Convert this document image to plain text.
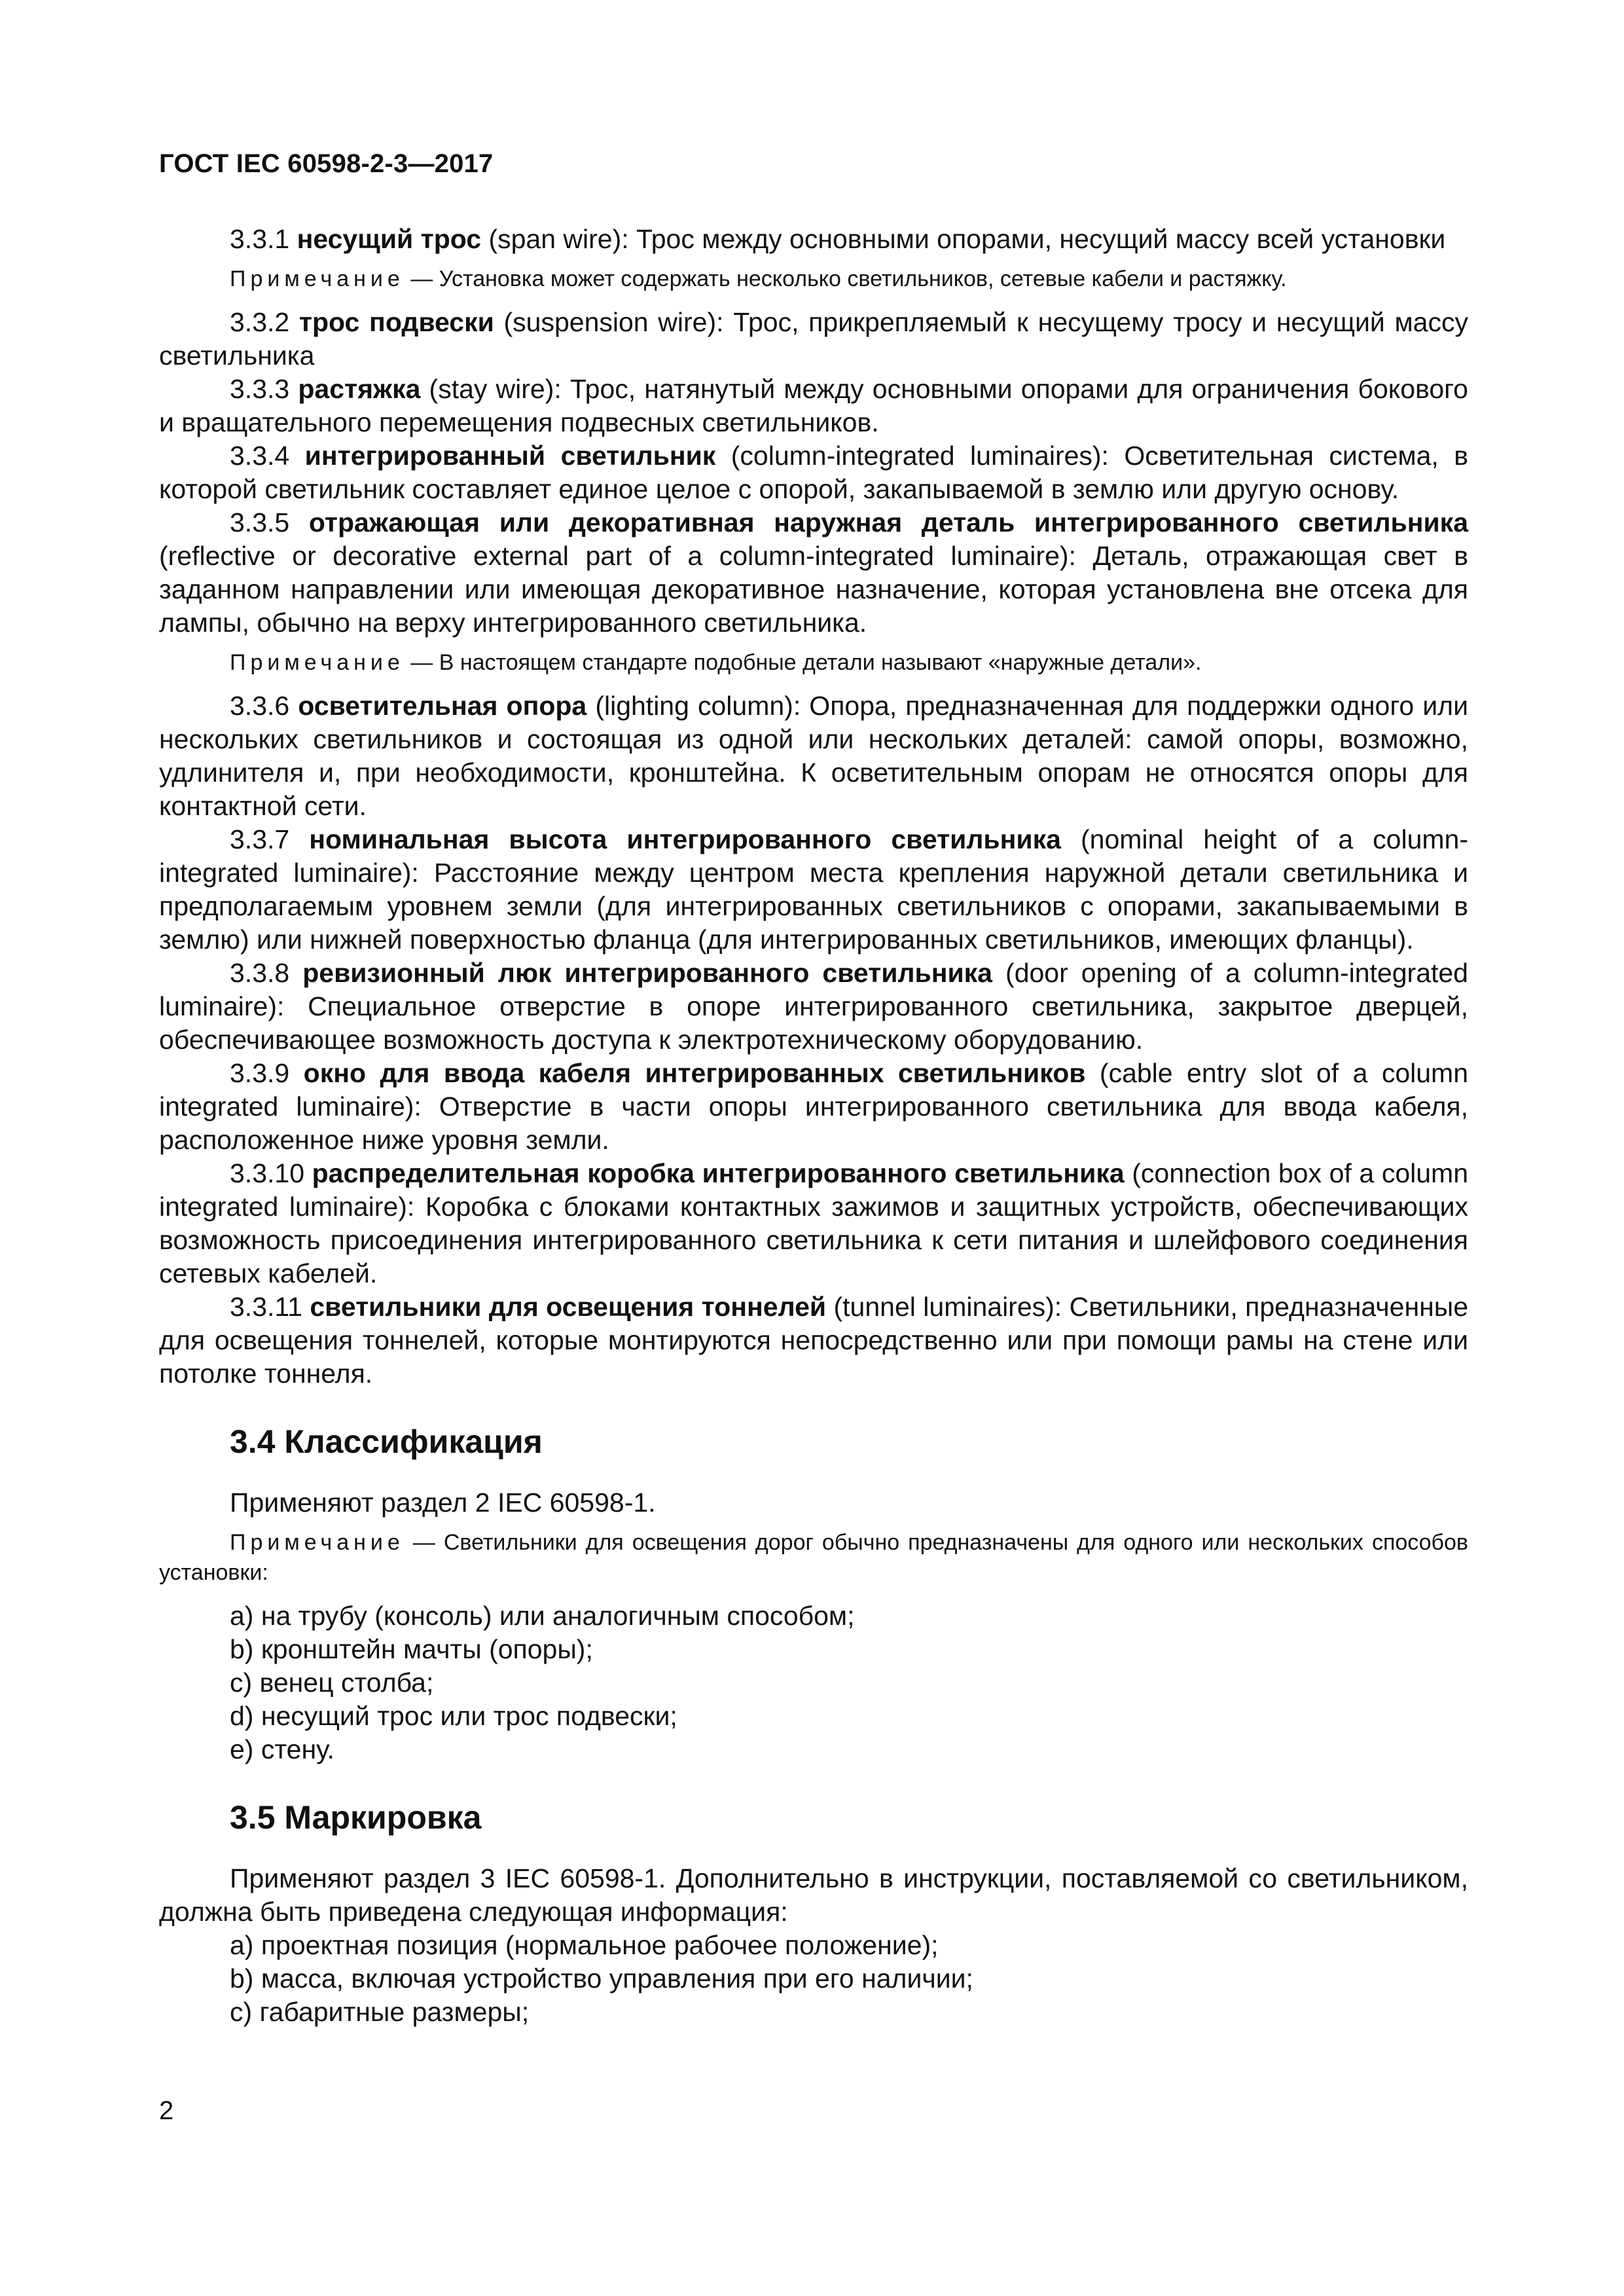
ГОСТ IEC 60598-2-3—2017

3.3.1 несущий трос (span wire): Трос между основными опорами, несущий массу всей установки

Примечание — Установка может содержать несколько светильников, сетевые кабели и растяжку.

3.3.2 трос подвески (suspension wire): Трос, прикрепляемый к несущему тросу и несущий массу светильника

3.3.3 растяжка (stay wire): Трос, натянутый между основными опорами для ограничения бокового и вращательного перемещения подвесных светильников.

3.3.4 интегрированный светильник (column-integrated luminaires): Осветительная система, в которой светильник составляет единое целое с опорой, закапываемой в землю или другую основу.

3.3.5 отражающая или декоративная наружная деталь интегрированного светильника (reflective or decorative external part of a column-integrated luminaire): Деталь, отражающая свет в заданном направлении или имеющая декоративное назначение, которая установлена вне отсека для лампы, обычно на верху интегрированного светильника.

Примечание — В настоящем стандарте подобные детали называют «наружные детали».

3.3.6 осветительная опора (lighting column): Опора, предназначенная для поддержки одного или нескольких светильников и состоящая из одной или нескольких деталей: самой опоры, возможно, удлинителя и, при необходимости, кронштейна. К осветительным опорам не относятся опоры для контактной сети.

3.3.7 номинальная высота интегрированного светильника (nominal height of a column-integrated luminaire): Расстояние между центром места крепления наружной детали светильника и предполагаемым уровнем земли (для интегрированных светильников с опорами, закапываемыми в землю) или нижней поверхностью фланца (для интегрированных светильников, имеющих фланцы).

3.3.8 ревизионный люк интегрированного светильника (door opening of a column-integrated luminaire): Специальное отверстие в опоре интегрированного светильника, закрытое дверцей, обеспечивающее возможность доступа к электротехническому оборудованию.

3.3.9 окно для ввода кабеля интегрированных светильников (cable entry slot of a column integrated luminaire): Отверстие в части опоры интегрированного светильника для ввода кабеля, расположенное ниже уровня земли.

3.3.10 распределительная коробка интегрированного светильника (connection box of a column integrated luminaire): Коробка с блоками контактных зажимов и защитных устройств, обеспечивающих возможность присоединения интегрированного светильника к сети питания и шлейфового соединения сетевых кабелей.

3.3.11 светильники для освещения тоннелей (tunnel luminaires): Светильники, предназначенные для освещения тоннелей, которые монтируются непосредственно или при помощи рамы на стене или потолке тоннеля.

3.4 Классификация

Применяют раздел 2 IEC 60598-1.

Примечание — Светильники для освещения дорог обычно предназначены для одного или нескольких способов установки:

a) на трубу (консоль) или аналогичным способом;
b) кронштейн мачты (опоры);
c) венец столба;
d) несущий трос или трос подвески;
e) стену.
3.5 Маркировка

Применяют раздел 3 IEC 60598-1. Дополнительно в инструкции, поставляемой со светильником, должна быть приведена следующая информация:

a) проектная позиция (нормальное рабочее положение);
b) масса, включая устройство управления при его наличии;
c) габаритные размеры;
2
